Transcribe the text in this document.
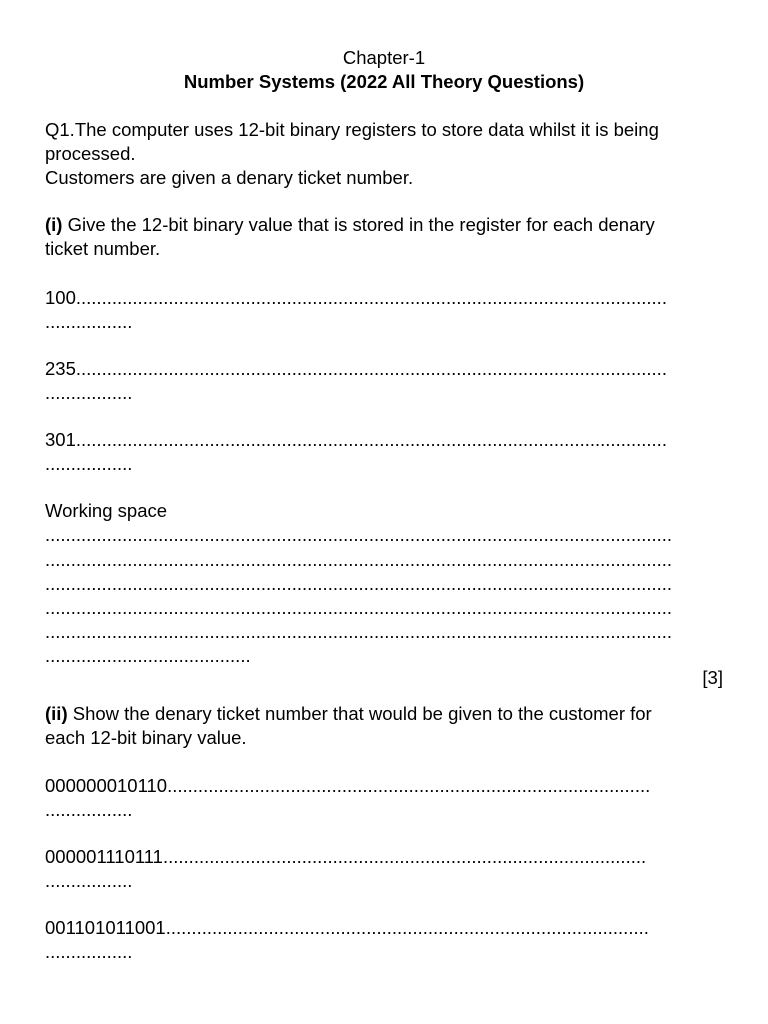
Chapter-1
Number Systems (2022 All Theory Questions)
Q1.The computer uses 12-bit binary registers to store data whilst it is being
processed.
Customers are given a denary ticket number.
(i) Give the 12-bit binary value that is stored in the register for each denary
ticket number.
100...................................................................................................................
.................
235...................................................................................................................
.................
301...................................................................................................................
.................
Working space
..........................................................................................................................
..........................................................................................................................
..........................................................................................................................
..........................................................................................................................
..........................................................................................................................
........................................
[3]
(ii) Show the denary ticket number that would be given to the customer for
each 12-bit binary value.
000000010110..............................................................................................
.................
000001110111..............................................................................................
.................
001101011001..............................................................................................
.................
